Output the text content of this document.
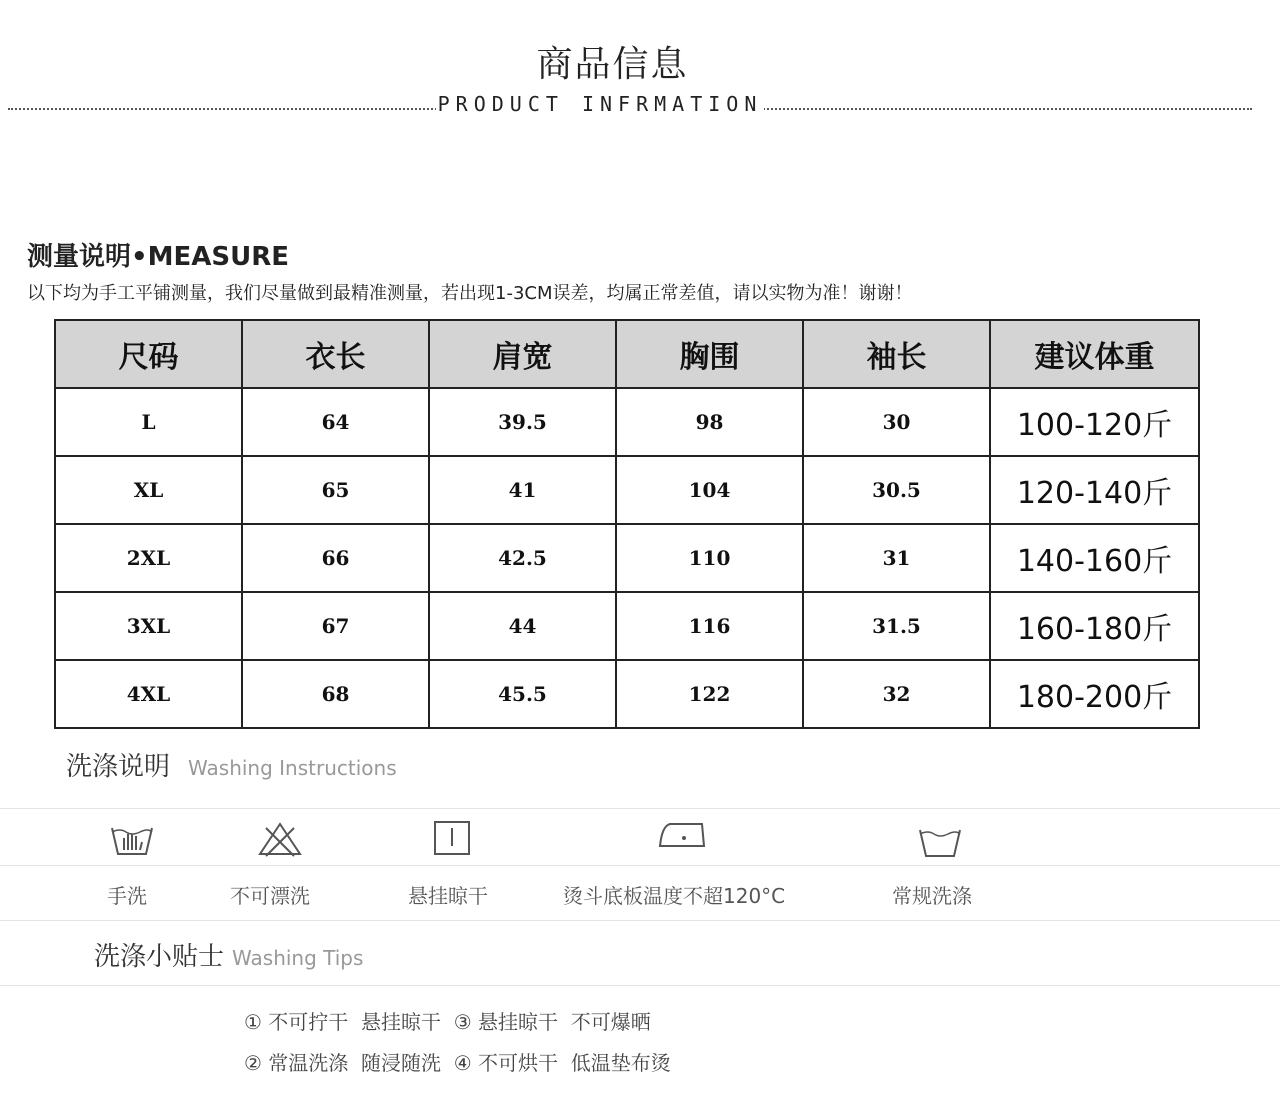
商品信息
PRODUCT INFRMATION
测量说明•MEASURE
以下均为手工平铺测量，我们尽量做到最精准测量，若出现1-3CM误差，均属正常差值，请以实物为准！谢谢！
尺码	衣长	肩宽	胸围	袖长	建议体重
L	64	39.5	98	30	100-120斤
XL	65	41	104	30.5	120-140斤
2XL	66	42.5	110	31	140-160斤
3XL	67	44	116	31.5	160-180斤
4XL	68	45.5	122	32	180-200斤
洗涤说明 Washing Instructions
手洗	不可漂洗	悬挂晾干	烫斗底板温度不超120°C	常规洗涤
洗涤小贴士 Washing Tips
① 不可拧干  悬挂晾干  ③ 悬挂晾干  不可爆晒
② 常温洗涤  随浸随洗  ④ 不可烘干  低温垫布烫
